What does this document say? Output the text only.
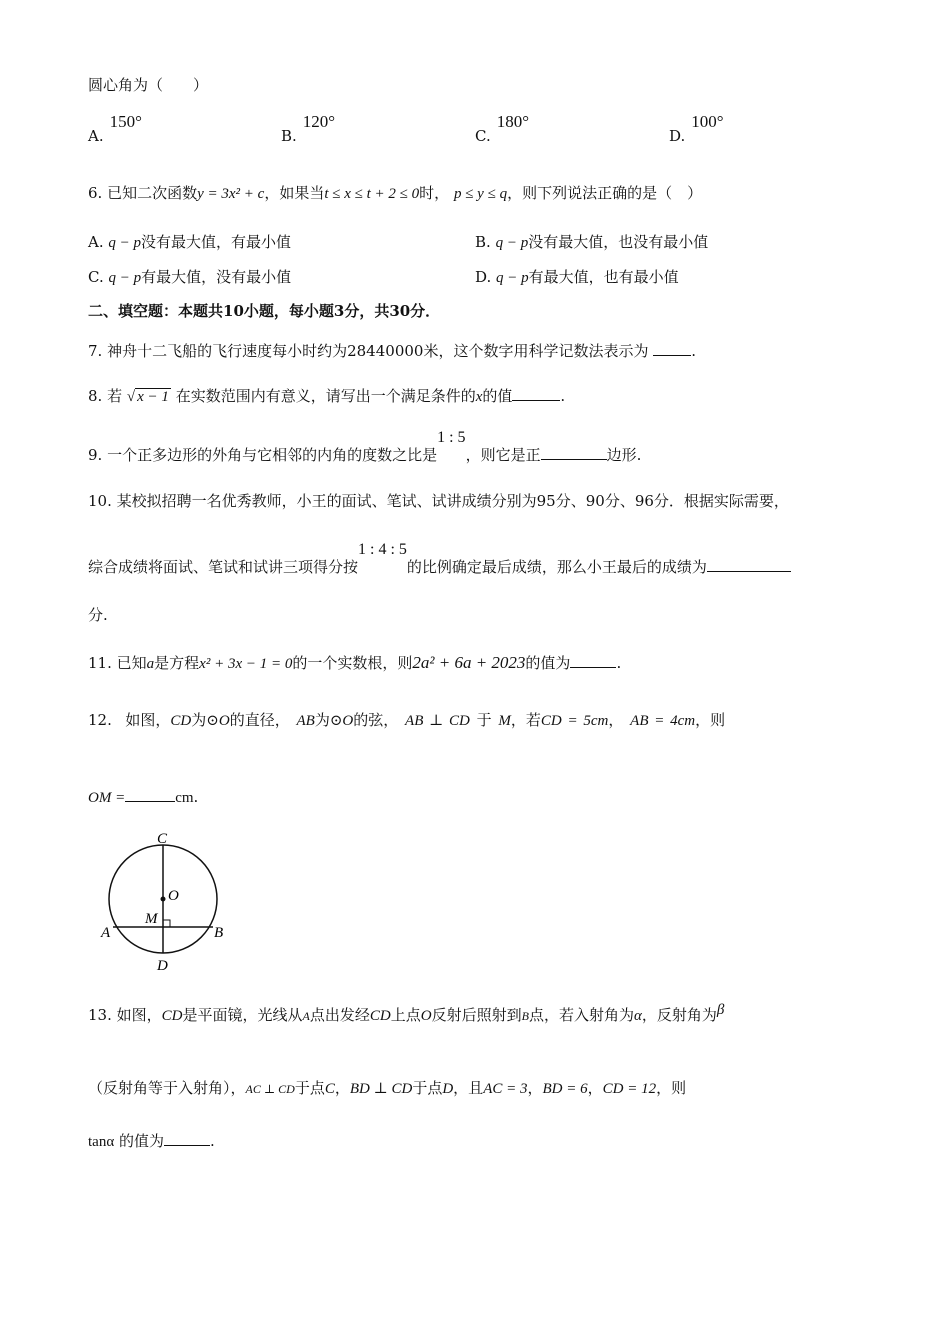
圆心角为（　　）
A.150°
B.120°
C.180°
D.100°
6. 已知二次函数y = 3x² + c，如果当t ≤ x ≤ t + 2 ≤ 0时， p ≤ y ≤ q，则下列说法正确的是（　）
A. q − p没有最大值，有最小值	B. q − p没有最大值，也没有最小值
C. q − p有最大值，没有最小值	D. q − p有最大值，也有最小值
二、填空题：本题共10小题，每小题3分，共30分．
7. 神舟十二飞船的飞行速度每小时约为28440000米，这个数字用科学记数法表示为	.
8. 若 √ x − 1 在实数范围内有意义，请写出一个满足条件的x的值	.
9. 一个正多边形的外角与它相邻的内角的度数之比是1 : 5，则它是正	边形.
10. 某校拟招聘一名优秀教师，小王的面试、笔试、试讲成绩分别为95分、90分、96分．根据实际需要，
综合成绩将面试、笔试和试讲三项得分按1 : 4 : 5的比例确定最后成绩，那么小王最后的成绩为
分.
11. 已知a是方程x² + 3x − 1 = 0的一个实数根，则2a² + 6a + 2023的值为	.
12. 如图，CD为⊙O的直径， AB为⊙O的弦， AB ⊥ CD 于 M，若CD = 5cm， AB = 4cm，则
OM =	cm.
C
O
M
A	B
D
13. 如图，CD是平面镜，光线从A点出发经CD上点O反射后照射到B点，若入射角为α，反射角为β
（反射角等于入射角），AC ⊥ CD于点C，BD ⊥ CD于点D，且AC = 3，BD = 6，CD = 12，则
tanα 的值为	.
